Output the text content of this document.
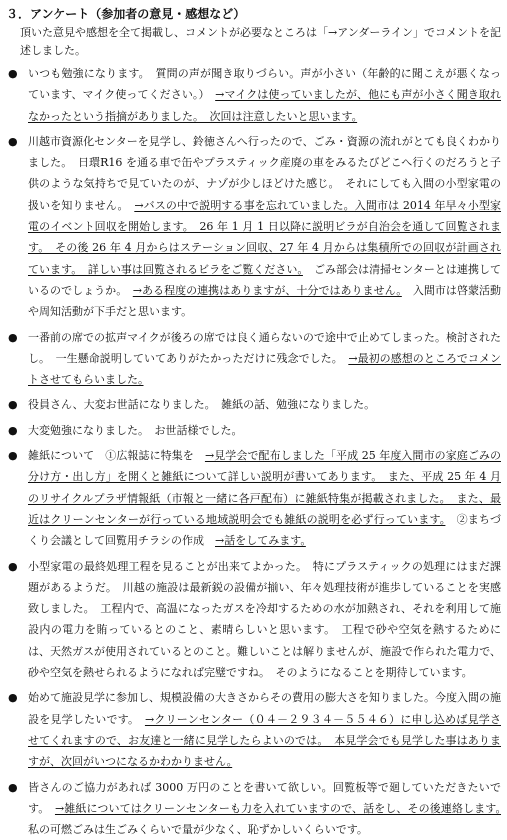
３．アンケート（参加者の意見・感想など）
頂いた意見や感想を全て掲載し、コメントが必要なところは「→アンダーライン」でコメントを記述しました。
● いつも勉強になります。　質問の声が聞き取りづらい。声が小さい（年齢的に聞こえが悪くなっています、マイク使ってください。）　 →マイクは使っていましたが、他にも声が小さく聞き取れなかったという指摘がありました。　次回は注意したいと思います。　
● 川越市資源化センターを見学し、鈴徳さんへ行ったので、ごみ・資源の流れがとても良くわかりました。　日環R16 を通る車で缶やプラスティック産廃の車をみるたびどこへ行くのだろうと子供のような気持ちで見ていたのが、ナゾが少しほどけた感じ。　それにしても入間の小型家電の扱いを知りません。　 →バスの中で説明する事を忘れていました。入間市は 2014 年早々小型家電のイベント回収を開始します。　26 年 1 月 1 日以降に説明ビラが自治会を通して回覧されます。　その後 26 年 4 月からはステーション回収、27 年 4 月からは集積所での回収が計画されています。　詳しい事は回覧されるビラをご覧ください。　 ごみ部会は清掃センターとは連携しているのでしょうか。　 →ある程度の連携はありますが、十分ではありません。　 入間市は啓蒙活動や周知活動が下手だと思います。
● 一番前の席での拡声マイクが後ろの席では良く通らないので途中で止めてしまった。検討されたし。　一生懸命説明していてありがたかっただけに残念でした。　 →最初の感想のところでコメントさせてもらいました。　
● 役員さん、大変お世話になりました。　雑紙の話、勉強になりました。　
● 大変勉強になりました。　お世話様でした。　
● 雑紙について　①広報誌に特集を　 →見学会で配布しました「平成 25 年度入間市の家庭ごみの分け方・出し方」を開くと雑紙について詳しい説明が書いてあります。　また、平成 25 年 4 月のリサイクルプラザ情報紙（市報と一緒に各戸配布）に雑紙特集が掲載されました。　また、最近はクリーンセンターが行っている地域説明会でも雑紙の説明を必ず行っています。　 ②まちづくり会議として回覧用チラシの作成　 →話をしてみます。　
● 小型家電の最終処理工程を見ることが出来てよかった。　特にプラスティックの処理にはまだ課題があるようだ。　川越の施設は最新鋭の設備が揃い、年々処理技術が進歩していることを実感致しました。　工程内で、高温になったガスを冷却するための水が加熱され、それを利用して施設内の電力を賄っているとのこと、素晴らしいと思います。　工程で砂や空気を熱するためには、天然ガスが使用されているとのこと。難しいことは解りませんが、施設で作られた電力で、砂や空気を熱せられるようになれば完璧ですね。　そのようになることを期待しています。　
● 始めて施設見学に参加し、規模設備の大きさからその費用の膨大さを知りました。今度入間の施設を見学したいです。　 →クリーンセンター（０４－２９３４－５５４６）に申し込めば見学させてくれますので、お友達と一緒に見学したらよいのでは。　本見学会でも見学した事はありますが、次回がいつになるかわかりません。　
● 皆さんのご協力があれば 3000 万円のことを書いて欲しい。回覧板等で廻していただきたいです。　 →雑紙についてはクリーンセンターも力を入れていますので、話をし、その後連絡します。　私の可燃ごみは生ごみくらいで量が少なく、恥ずかしいくらいです。　
